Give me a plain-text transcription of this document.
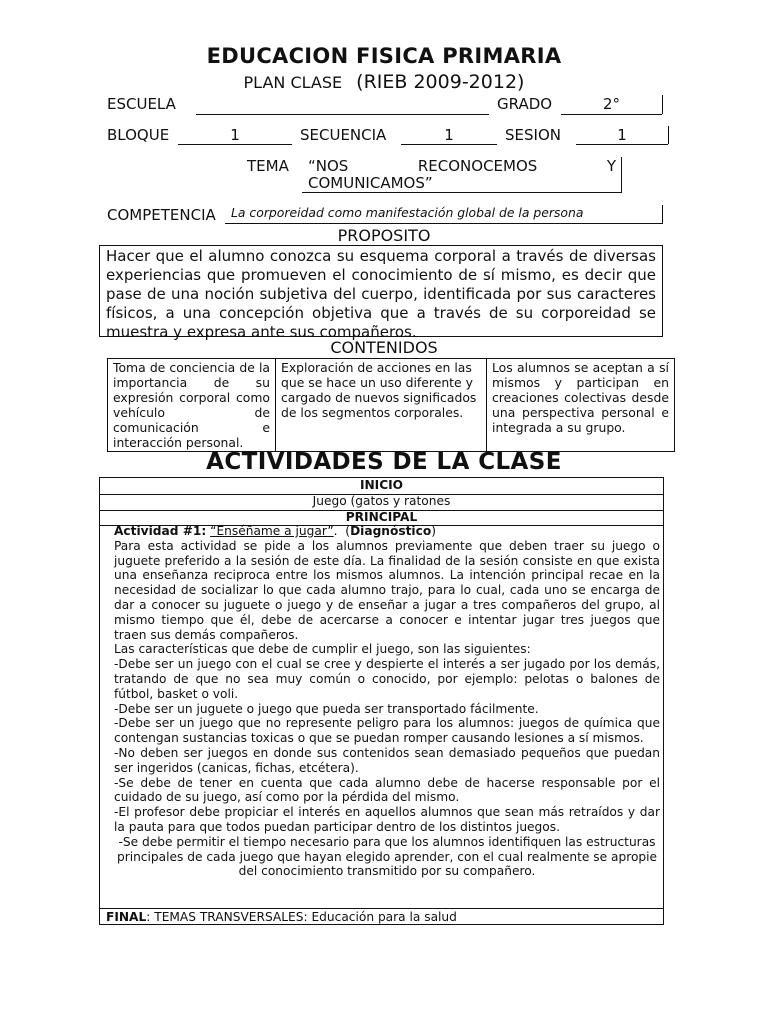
EDUCACION FISICA PRIMARIA
PLAN CLASE (RIEB 2009-2012)
ESCUELA	GRADO	2°
BLOQUE	1	SECUENCIA	1	SESION	1
TEMA “NOS RECONOCEMOS Y
COMUNICAMOS”
COMPETENCIA La corporeidad como manifestación global de la persona
PROPOSITO
Hacer que el alumno conozca su esquema corporal a través de diversas experiencias que promueven el conocimiento de sí mismo, es decir que pase de una noción subjetiva del cuerpo, identificada por sus caracteres físicos, a una concepción objetiva que a través de su corporeidad se muestra y expresa ante sus compañeros.
CONTENIDOS
Toma de conciencia de la importancia de su expresión corporal como vehículo de comunicación e interacción personal.	Exploración de acciones en las que se hace un uso diferente y cargado de nuevos significados de los segmentos corporales.	Los alumnos se aceptan a sí mismos y participan en creaciones colectivas desde una perspectiva personal e integrada a su grupo.
ACTIVIDADES DE LA CLASE
INICIO
Juego (gatos y ratones
PRINCIPAL

Actividad #1: “Enséñame a jugar”.  (Diagnóstico)

Para esta actividad se pide a los alumnos previamente que deben traer su juego o juguete preferido a la sesión de este día. La finalidad de la sesión consiste en que exista una enseñanza reciproca entre los mismos alumnos. La intención principal recae en la necesidad de socializar lo que cada alumno trajo, para lo cual, cada uno se encarga de dar a conocer su juguete o juego y de enseñar a jugar a tres compañeros del grupo, al mismo tiempo que él, debe de acercarse a conocer e intentar jugar tres juegos que traen sus demás compañeros.

Las características que debe de cumplir el juego, son las siguientes:

-Debe ser un juego con el cual se cree y despierte el interés a ser jugado por los demás, tratando de que no sea muy común o conocido, por ejemplo: pelotas o balones de fútbol, basket o voli.

-Debe ser un juguete o juego que pueda ser transportado fácilmente.

-Debe ser un juego que no represente peligro para los alumnos: juegos de química que contengan sustancias toxicas o que se puedan romper causando lesiones a sí mismos.

-No deben ser juegos en donde sus contenidos sean demasiado pequeños que puedan ser ingeridos (canicas, fichas, etcétera).

-Se debe de tener en cuenta que cada alumno debe de hacerse responsable por el cuidado de su juego, así como por la pérdida del mismo.

-El profesor debe propiciar el interés en aquellos alumnos que sean más retraídos y dar la pauta para que todos puedan participar dentro de los distintos juegos.

-Se debe permitir el tiempo necesario para que los alumnos identifiquen las estructuras principales de cada juego que hayan elegido aprender, con el cual realmente se apropie del conocimiento transmitido por su compañero.

FINAL: TEMAS TRANSVERSALES: Educación para la salud
